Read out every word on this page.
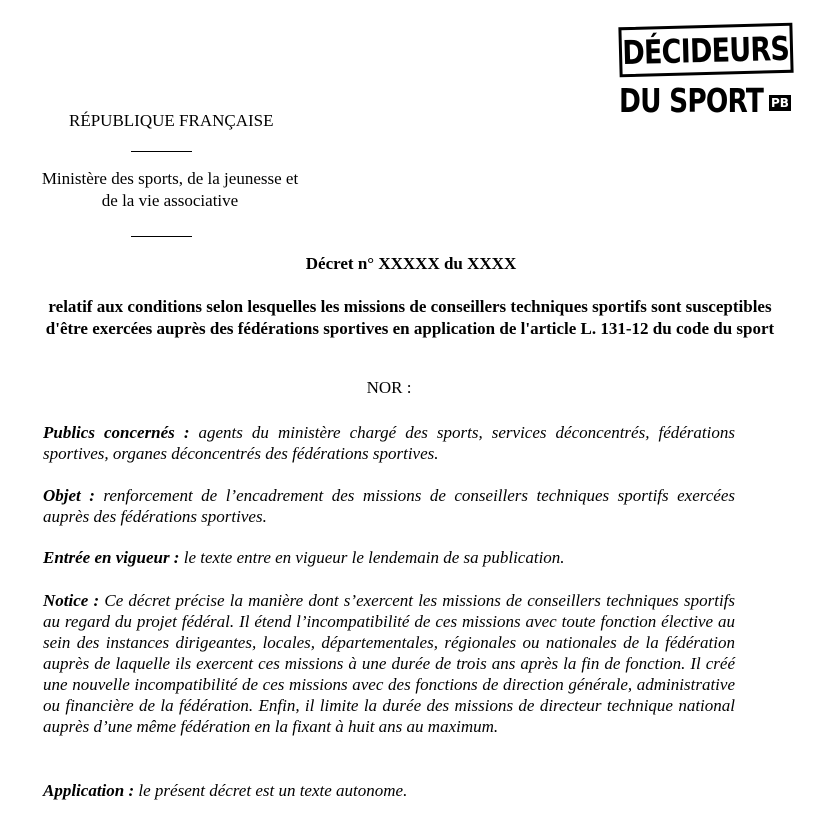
DÉCIDEURS
DU SPORT PB
RÉPUBLIQUE FRANÇAISE
Ministère des sports, de la jeunesse et de la vie associative
Décret n° XXXXX du XXXX
relatif aux conditions selon lesquelles les missions de conseillers techniques sportifs sont susceptibles d'être exercées auprès des fédérations sportives en application de l'article L. 131-12 du code du sport
NOR :
Publics concernés : agents du ministère chargé des sports, services déconcentrés, fédérations sportives, organes déconcentrés des fédérations sportives.
Objet : renforcement de l’encadrement des missions de conseillers techniques sportifs exercées auprès des fédérations sportives.
Entrée en vigueur : le texte entre en vigueur le lendemain de sa publication.
Notice : Ce décret précise la manière dont s’exercent les missions de conseillers techniques sportifs au regard du projet fédéral. Il étend l’incompatibilité de ces missions avec toute fonction élective au sein des instances dirigeantes, locales, départementales, régionales ou nationales de la fédération auprès de laquelle ils exercent ces missions à une durée de trois ans après la fin de fonction. Il créé une nouvelle incompatibilité de ces missions avec des fonctions de direction générale, administrative ou financière de la fédération. Enfin, il limite la durée des missions de directeur technique national auprès d’une même fédération en la fixant à huit ans au maximum.
Application : le présent décret est un texte autonome.
